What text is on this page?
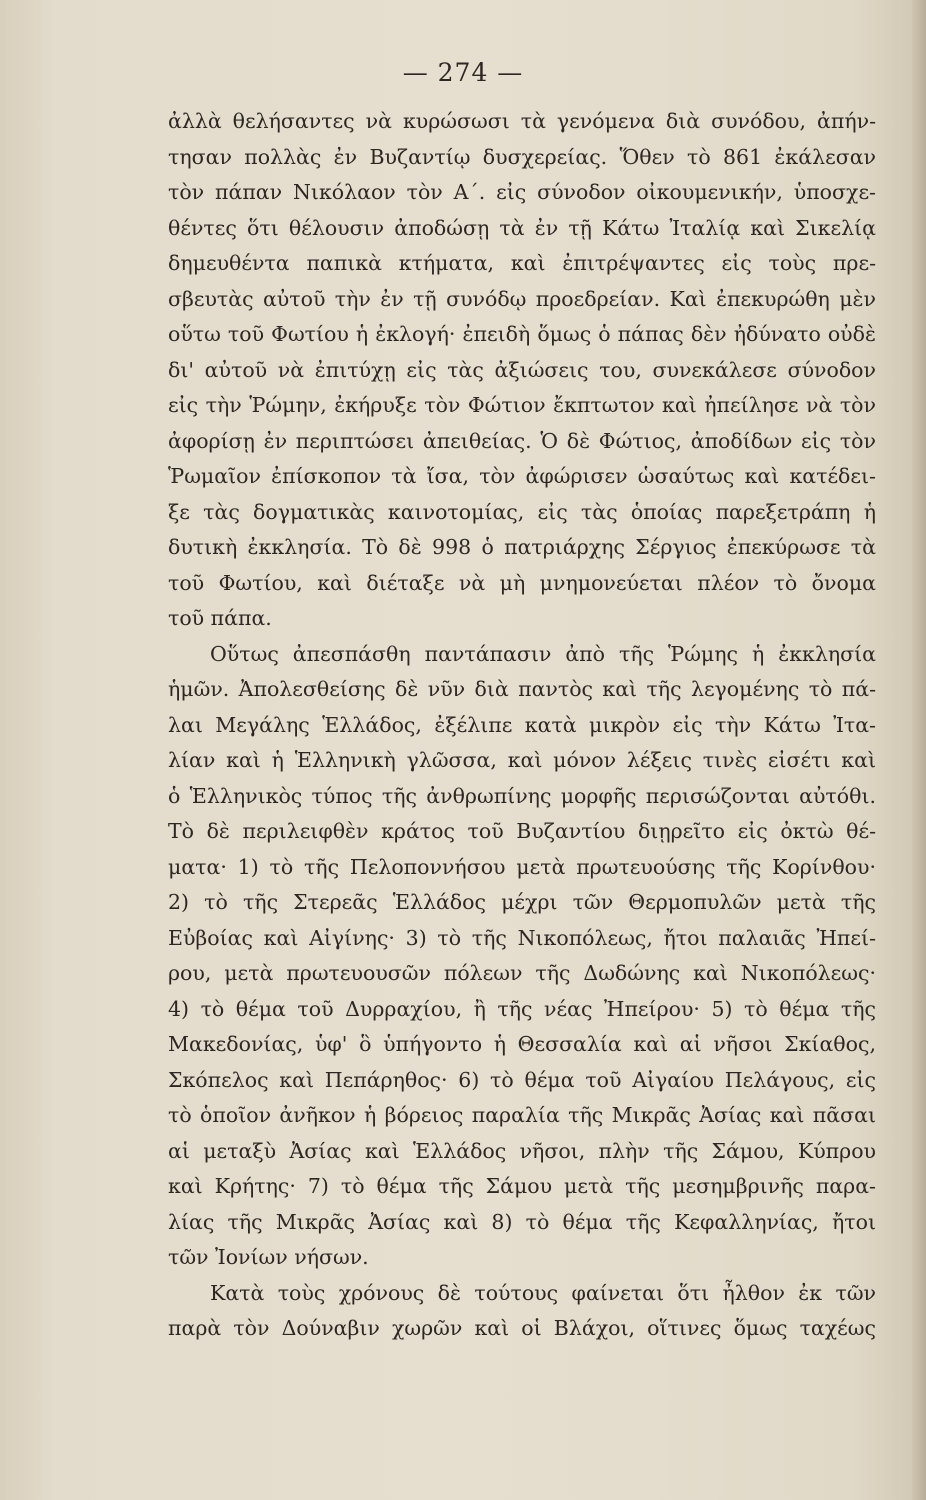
— 274 —
ἀλλὰ θελήσαντες νὰ κυρώσωσι τὰ γενόμενα διὰ συνόδου, ἀπήν-
τησαν πολλὰς ἐν Βυζαντίῳ δυσχερείας. Ὅθεν τὸ 861 ἐκάλεσαν
τὸν πάπαν Νικόλαον τὸν Α΄. εἰς σύνοδον οἰκουμενικήν, ὑποσχε-
θέντες ὅτι θέλουσιν ἀποδώσῃ τὰ ἐν τῇ Κάτω Ἰταλίᾳ καὶ Σικελίᾳ
δημευθέντα παπικὰ κτήματα, καὶ ἐπιτρέψαντες εἰς τοὺς πρε-
σβευτὰς αὐτοῦ τὴν ἐν τῇ συνόδῳ προεδρείαν. Καὶ ἐπεκυρώθη μὲν
οὕτω τοῦ Φωτίου ἡ ἐκλογή· ἐπειδὴ ὅμως ὁ πάπας δὲν ἠδύνατο οὐδὲ
δι' αὐτοῦ νὰ ἐπιτύχῃ εἰς τὰς ἀξιώσεις του, συνεκάλεσε σύνοδον
εἰς τὴν Ῥώμην, ἐκήρυξε τὸν Φώτιον ἔκπτωτον καὶ ἠπείλησε νὰ τὸν
ἀφορίσῃ ἐν περιπτώσει ἀπειθείας. Ὁ δὲ Φώτιος, ἀποδίδων εἰς τὸν
Ῥωμαῖον ἐπίσκοπον τὰ ἴσα, τὸν ἀφώρισεν ὡσαύτως καὶ κατέδει-
ξε τὰς δογματικὰς καινοτομίας, εἰς τὰς ὁποίας παρεξετράπη ἡ
δυτικὴ ἐκκλησία. Τὸ δὲ 998 ὁ πατριάρχης Σέργιος ἐπεκύρωσε τὰ
τοῦ Φωτίου, καὶ διέταξε νὰ μὴ μνημονεύεται πλέον τὸ ὄνομα
τοῦ πάπα.
Οὕτως ἀπεσπάσθη παντάπασιν ἀπὸ τῆς Ῥώμης ἡ ἐκκλησία
ἡμῶν. Ἀπολεσθείσης δὲ νῦν διὰ παντὸς καὶ τῆς λεγομένης τὸ πά-
λαι Μεγάλης Ἑλλάδος, ἐξέλιπε κατὰ μικρὸν εἰς τὴν Κάτω Ἰτα-
λίαν καὶ ἡ Ἑλληνικὴ γλῶσσα, καὶ μόνον λέξεις τινὲς εἰσέτι καὶ
ὁ Ἑλληνικὸς τύπος τῆς ἀνθρωπίνης μορφῆς περισώζονται αὐτόθι.
Τὸ δὲ περιλειφθὲν κράτος τοῦ Βυζαντίου διῃρεῖτο εἰς ὀκτὼ θέ-
ματα· 1) τὸ τῆς Πελοποννήσου μετὰ πρωτευούσης τῆς Κορίνθου·
2) τὸ τῆς Στερεᾶς Ἑλλάδος μέχρι τῶν Θερμοπυλῶν μετὰ τῆς
Εὐβοίας καὶ Αἰγίνης· 3) τὸ τῆς Νικοπόλεως, ἤτοι παλαιᾶς Ἠπεί-
ρου, μετὰ πρωτευουσῶν πόλεων τῆς Δωδώνης καὶ Νικοπόλεως·
4) τὸ θέμα τοῦ Δυρραχίου, ἢ τῆς νέας Ἠπείρου· 5) τὸ θέμα τῆς
Μακεδονίας, ὑφ' ὃ ὑπήγοντο ἡ Θεσσαλία καὶ αἱ νῆσοι Σκίαθος,
Σκόπελος καὶ Πεπάρηθος· 6) τὸ θέμα τοῦ Αἰγαίου Πελάγους, εἰς
τὸ ὁποῖον ἀνῆκον ἡ βόρειος παραλία τῆς Μικρᾶς Ἀσίας καὶ πᾶσαι
αἱ μεταξὺ Ἀσίας καὶ Ἑλλάδος νῆσοι, πλὴν τῆς Σάμου, Κύπρου
καὶ Κρήτης· 7) τὸ θέμα τῆς Σάμου μετὰ τῆς μεσημβρινῆς παρα-
λίας τῆς Μικρᾶς Ἀσίας καὶ 8) τὸ θέμα τῆς Κεφαλληνίας, ἤτοι
τῶν Ἰονίων νήσων.
Κατὰ τοὺς χρόνους δὲ τούτους φαίνεται ὅτι ἦλθον ἐκ τῶν
παρὰ τὸν Δούναβιν χωρῶν καὶ οἱ Βλάχοι, οἵτινες ὅμως ταχέως
